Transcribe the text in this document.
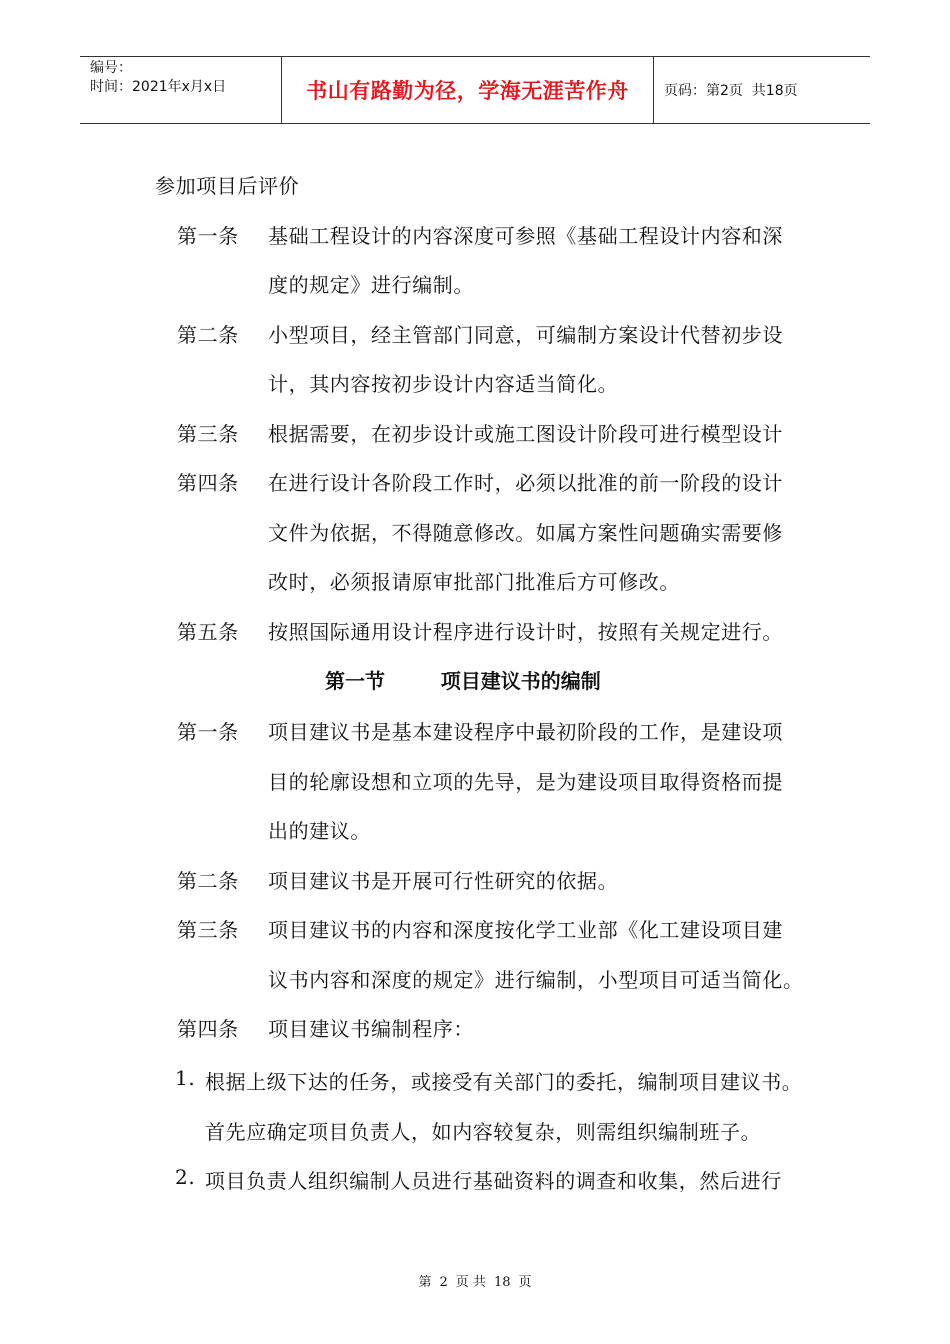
编号：
时间：2021年x月x日	书山有路勤为径，学海无涯苦作舟	页码：第2页  共18页
参加项目后评价
第一条 基础工程设计的内容深度可参照《基础工程设计内容和深
度的规定》进行编制。
第二条 小型项目，经主管部门同意，可编制方案设计代替初步设
计，其内容按初步设计内容适当简化。
第三条 根据需要，在初步设计或施工图设计阶段可进行模型设计
第四条 在进行设计各阶段工作时，必须以批准的前一阶段的设计
文件为依据，不得随意修改。如属方案性问题确实需要修
改时，必须报请原审批部门批准后方可修改。
第五条 按照国际通用设计程序进行设计时，按照有关规定进行。
第一节        项目建议书的编制
第一条 项目建议书是基本建设程序中最初阶段的工作，是建设项
目的轮廓设想和立项的先导，是为建设项目取得资格而提
出的建议。
第二条 项目建议书是开展可行性研究的依据。
第三条 项目建议书的内容和深度按化学工业部《化工建设项目建
议书内容和深度的规定》进行编制，小型项目可适当简化。
第四条 项目建议书编制程序：
1. 根据上级下达的任务，或接受有关部门的委托，编制项目建议书。
首先应确定项目负责人，如内容较复杂，则需组织编制班子。
2. 项目负责人组织编制人员进行基础资料的调查和收集，然后进行
第 2 页 共 18 页
